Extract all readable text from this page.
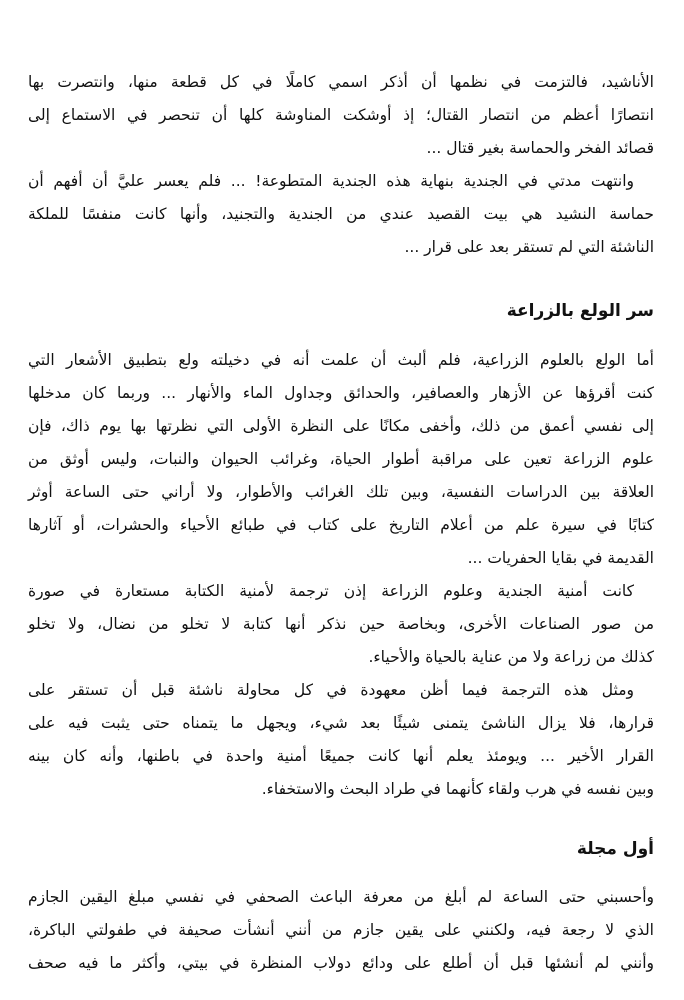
الأناشيد، فالتزمت في نظمها أن أذكر اسمي كاملًا في كل قطعة منها، وانتصرت بها
انتصارًا أعظم من انتصار القتال؛ إذ أوشكت المناوشة كلها أن تنحصر في الاستماع إلى
قصائد الفخر والحماسة بغير قتال ...
وانتهت مدتي في الجندية بنهاية هذه الجندية المتطوعة! ... فلم يعسر عليَّ أن أفهم أن
حماسة النشيد هي بيت القصيد عندي من الجندية والتجنيد، وأنها كانت منفسًا للملكة
الناشئة التي لم تستقر بعد على قرار ...
سر الولع بالزراعة
أما الولع بالعلوم الزراعية، فلم ألبث أن علمت أنه في دخيلته ولع بتطبيق الأشعار التي
كنت أقرؤها عن الأزهار والعصافير، والحدائق وجداول الماء والأنهار ... وربما كان مدخلها
إلى نفسي أعمق من ذلك، وأخفى مكانًا على النظرة الأولى التي نظرتها بها يوم ذاك، فإن
علوم الزراعة تعين على مراقبة أطوار الحياة، وغرائب الحيوان والنبات، وليس أوثق من
العلاقة بين الدراسات النفسية، وبين تلك الغرائب والأطوار، ولا أراني حتى الساعة أوثر
كتابًا في سيرة علم من أعلام التاريخ على كتاب في طبائع الأحياء والحشرات، أو آثارها
القديمة في بقايا الحفريات ...
كانت أمنية الجندية وعلوم الزراعة إذن ترجمة لأمنية الكتابة مستعارة في صورة
من صور الصناعات الأخرى، وبخاصة حين نذكر أنها كتابة لا تخلو من نضال، ولا تخلو
كذلك من زراعة ولا من عناية بالحياة والأحياء.
ومثل هذه الترجمة فيما أظن معهودة في كل محاولة ناشئة قبل أن تستقر على
قرارها، فلا يزال الناشئ يتمنى شيئًا بعد شيء، ويجهل ما يتمناه حتى يثبت فيه على
القرار الأخير ... ويومئذ يعلم أنها كانت جميعًا أمنية واحدة في باطنها، وأنه كان بينه
وبين نفسه في هرب ولقاء كأنهما في طراد البحث والاستخفاء.
أول مجلة
وأحسبني حتى الساعة لم أبلغ من معرفة الباعث الصحفي في نفسي مبلغ اليقين الجازم
الذي لا رجعة فيه، ولكنني على يقين جازم من أنني أنشأت صحيفة في طفولتي الباكرة،
وأنني لم أنشئها قبل أن أطلع على ودائع دولاب المنظرة في بيتي، وأكثر ما فيه صحف
